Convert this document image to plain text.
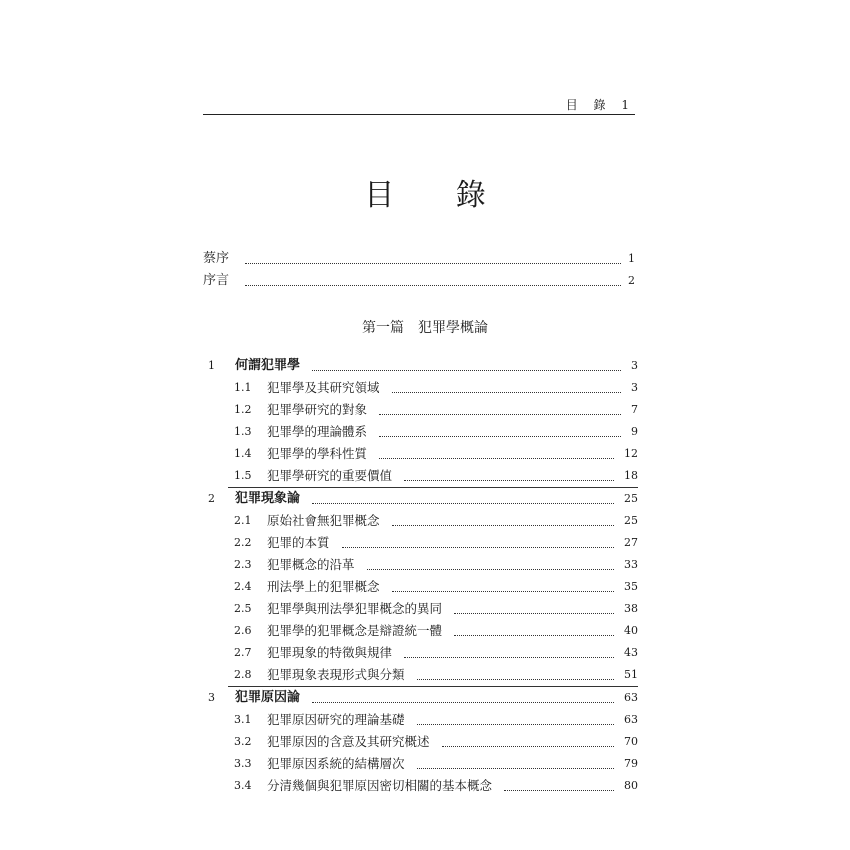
目 錄 1
目 錄
蔡序	1
序言	2
第一篇　犯罪學概論
1	何謂犯罪學	3
1.1	犯罪學及其研究領域	3
1.2	犯罪學研究的對象	7
1.3	犯罪學的理論體系	9
1.4	犯罪學的學科性質	12
1.5	犯罪學研究的重要價值	18
2	犯罪現象論	25
2.1	原始社會無犯罪概念	25
2.2	犯罪的本質	27
2.3	犯罪概念的沿革	33
2.4	刑法學上的犯罪概念	35
2.5	犯罪學與刑法學犯罪概念的異同	38
2.6	犯罪學的犯罪概念是辯證統一體	40
2.7	犯罪現象的特徵與規律	43
2.8	犯罪現象表現形式與分類	51
3	犯罪原因論	63
3.1	犯罪原因研究的理論基礎	63
3.2	犯罪原因的含意及其研究概述	70
3.3	犯罪原因系統的結構層次	79
3.4	分清幾個與犯罪原因密切相關的基本概念	80
